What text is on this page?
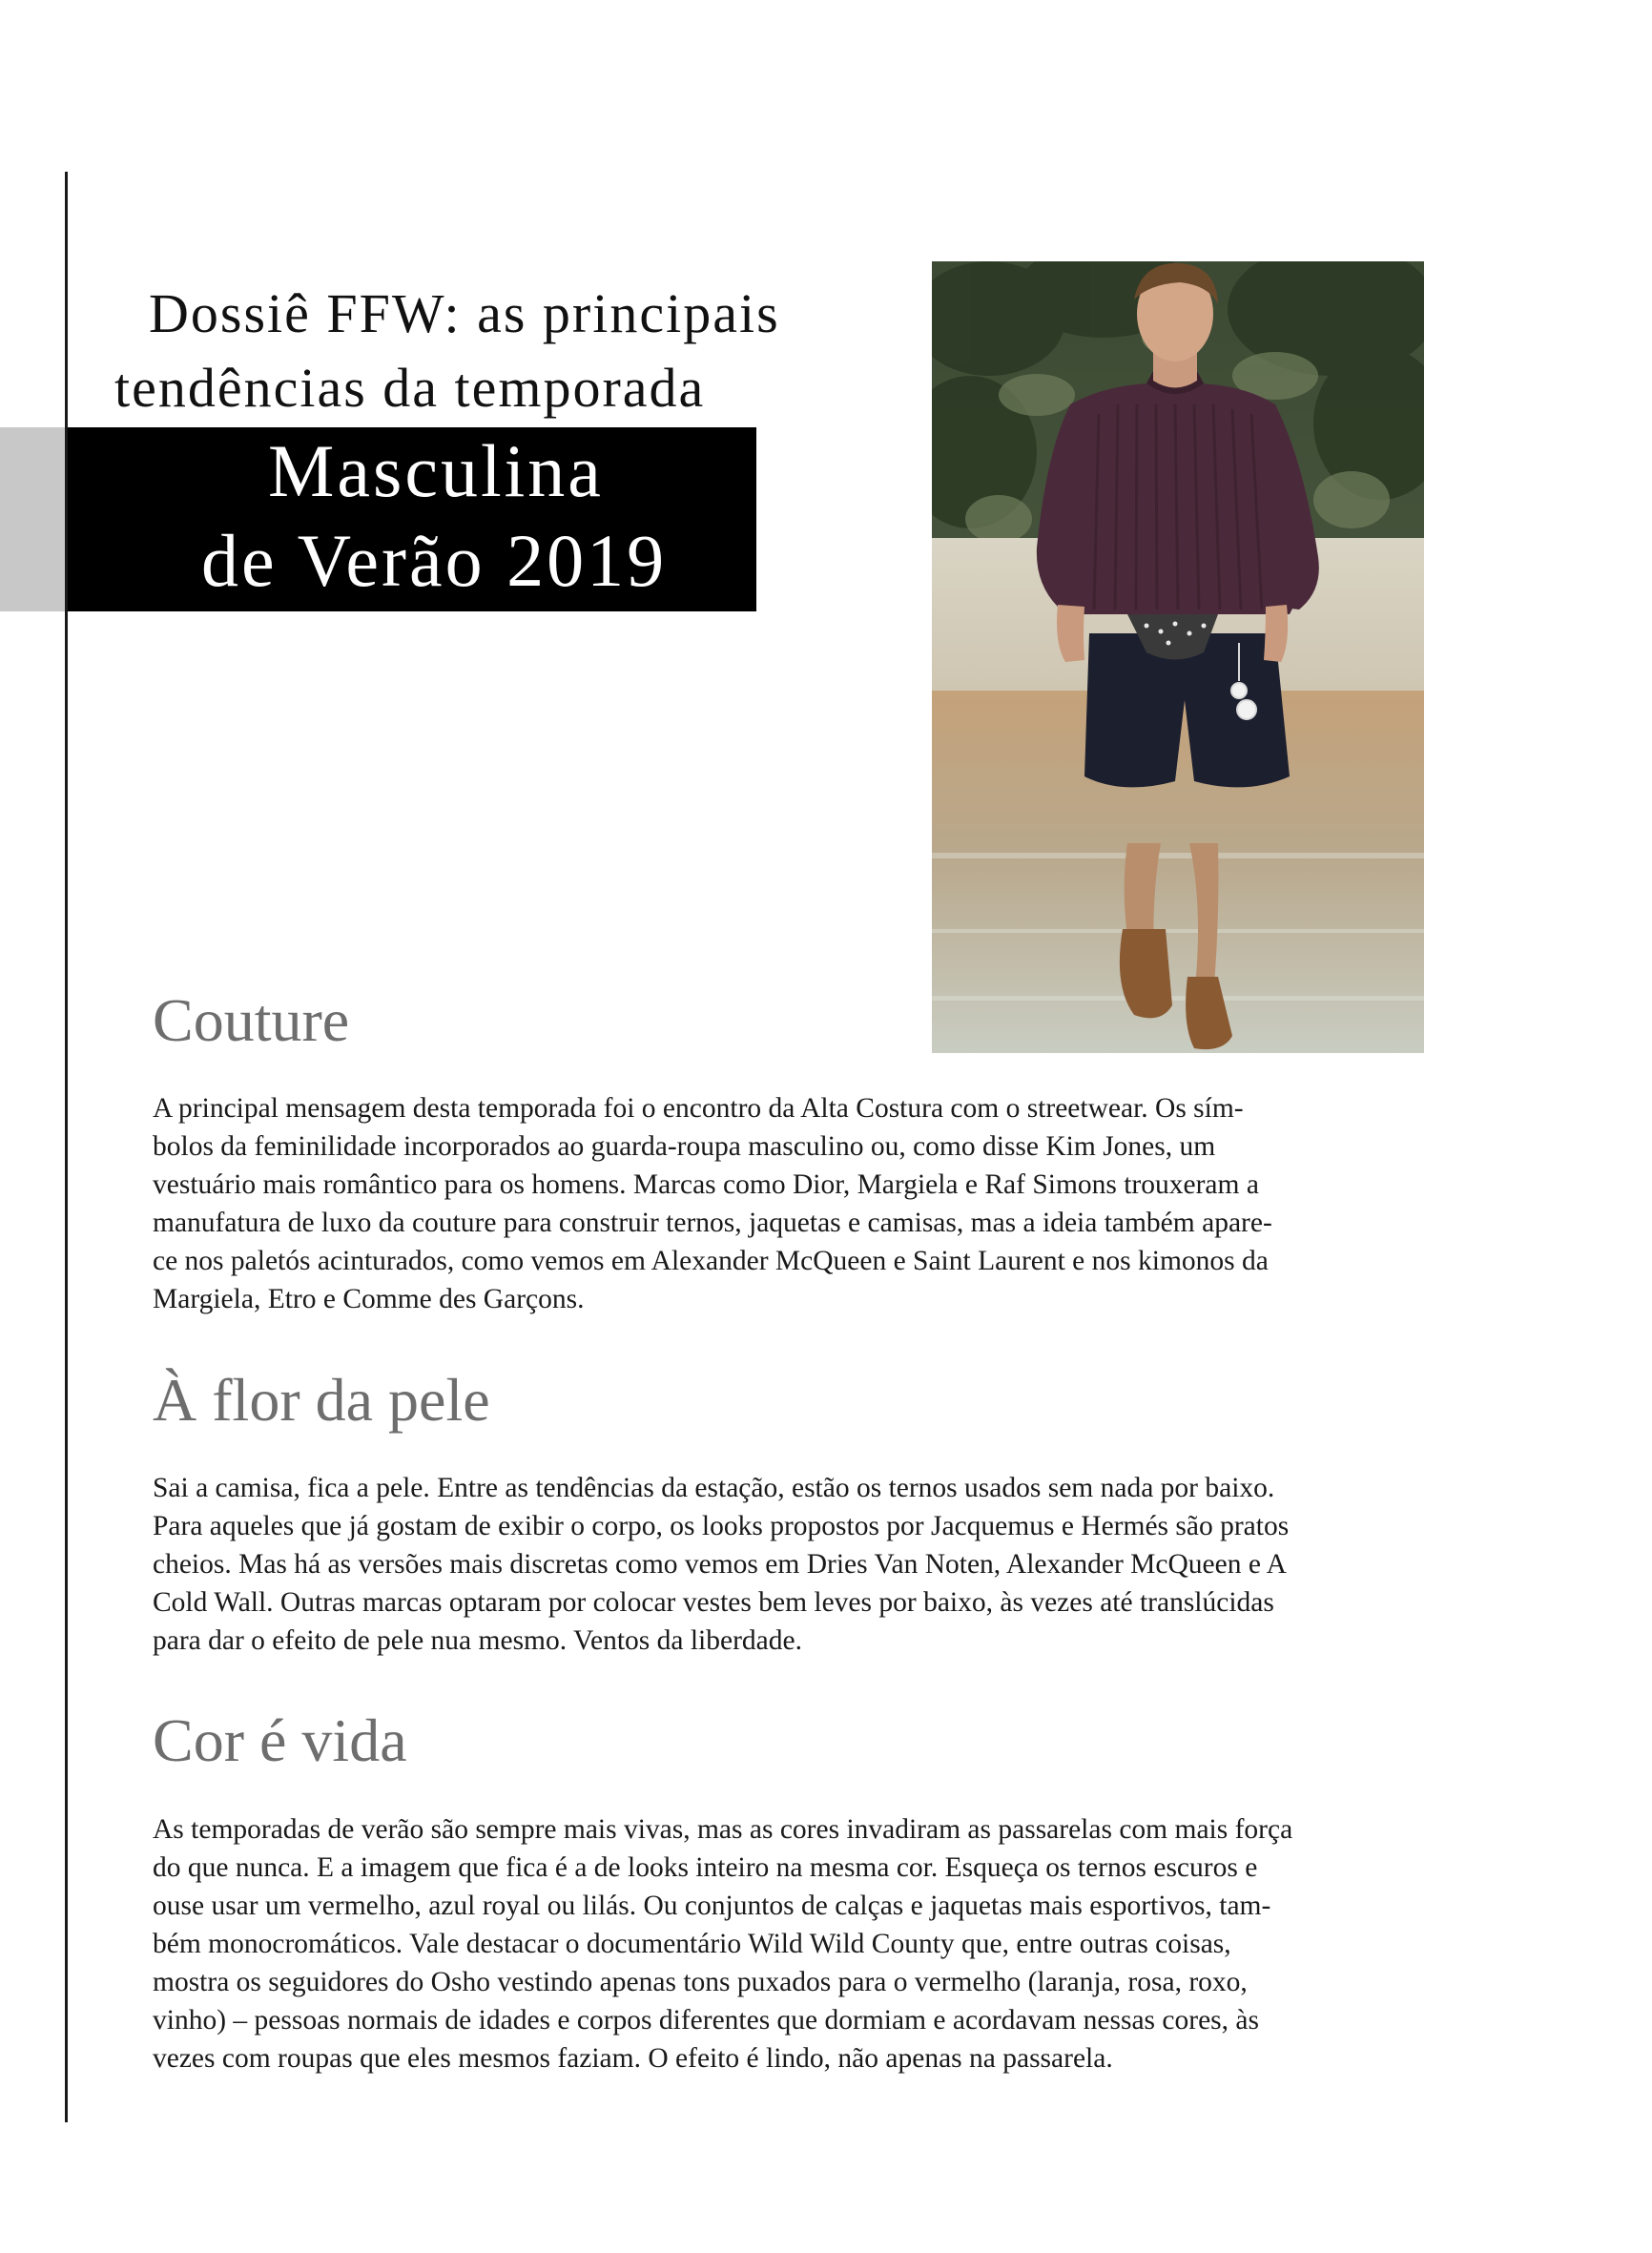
Dossiê FFW: as principais
tendências da temporada
Masculina
de Verão 2019
Couture
A principal mensagem desta temporada foi o encontro da Alta Costura com o streetwear. Os sím-
bolos da feminilidade incorporados ao guarda-roupa masculino ou, como disse Kim Jones, um
vestuário mais romântico para os homens. Marcas como Dior, Margiela e Raf Simons trouxeram a
manufatura de luxo da couture para construir ternos, jaquetas e camisas, mas a ideia também apare-
ce nos paletós acinturados, como vemos em Alexander McQueen e Saint Laurent e nos kimonos da
Margiela, Etro e Comme des Garçons.
À flor da pele
Sai a camisa, fica a pele. Entre as tendências da estação, estão os ternos usados sem nada por baixo.
Para aqueles que já gostam de exibir o corpo, os looks propostos por Jacquemus e Hermés são pratos
cheios. Mas há as versões mais discretas como vemos em Dries Van Noten, Alexander McQueen e A
Cold Wall. Outras marcas optaram por colocar vestes bem leves por baixo, às vezes até translúcidas
para dar o efeito de pele nua mesmo. Ventos da liberdade.
Cor é vida
As temporadas de verão são sempre mais vivas, mas as cores invadiram as passarelas com mais força
do que nunca. E a imagem que fica é a de looks inteiro na mesma cor. Esqueça os ternos escuros e
ouse usar um vermelho, azul royal ou lilás. Ou conjuntos de calças e jaquetas mais esportivos, tam-
bém monocromáticos. Vale destacar o documentário Wild Wild County que, entre outras coisas,
mostra os seguidores do Osho vestindo apenas tons puxados para o vermelho (laranja, rosa, roxo,
vinho) – pessoas normais de idades e corpos diferentes que dormiam e acordavam nessas cores, às
vezes com roupas que eles mesmos faziam. O efeito é lindo, não apenas na passarela.
